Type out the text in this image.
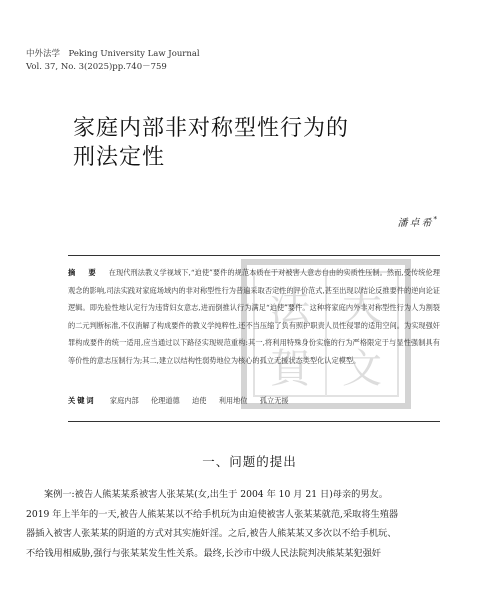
中外法学　Peking University Law Journal
Vol. 37, No. 3(2025)pp.740－759
家庭内部非对称型性行为的
刑法定性
潘卓希*
法 大
賀 文
摘　要 在现代刑法教义学视域下,“迫使”要件的规范本质在于对被害人意志自由的实质性压制。然而,受传统伦理观念的影响,司法实践对家庭场域内的非对称型性行为普遍采取否定性的评价范式,甚至出现以结论反推要件的逆向论证逻辑。即先验性地认定行为违背妇女意志,进而倒推认行为满足“迫使”要件。这种将家庭内外非对称型性行为人为割裂的二元判断标准,不仅消解了构成要件的教义学纯粹性,还不当压缩了负有照护职责人员性侵罪的适用空间。为实现强奸罪构成要件的统一适用,应当通过以下路径实现规范重构:其一,将利用特殊身份实施的行为严格限定于与显性强制具有等价性的意志压制行为;其二,建立以结构性弱势地位为核心的孤立无援状态类型化认定模型。
关键词 家庭内部 伦理道德 迫使 利用地位 孤立无援
一、问题的提出
案例一:被告人熊某某系被害人张某某(女,出生于 2004 年 10 月 21 日)母亲的男友。
2019 年上半年的一天,被告人熊某某以不给手机玩为由迫使被害人张某某就范,采取将生殖器
器插入被害人张某某的阴道的方式对其实施奸淫。之后,被告人熊某某又多次以不给手机玩、
不给钱用相威胁,强行与张某某发生性关系。最终,长沙市中级人民法院判决熊某某犯强奸
